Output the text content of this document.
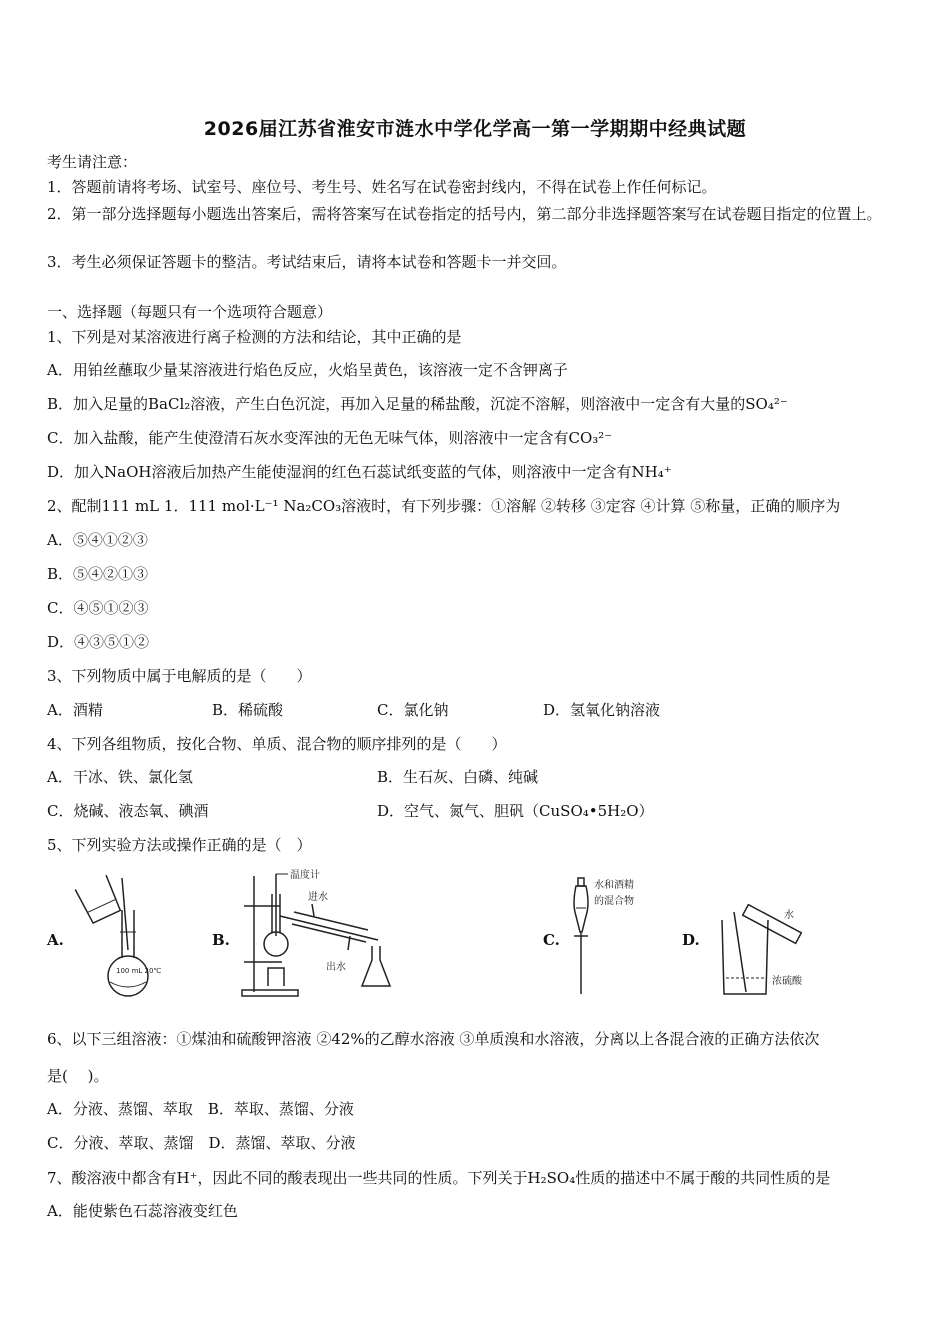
2026届江苏省淮安市涟水中学化学高一第一学期期中经典试题
考生请注意：
1．答题前请将考场、试室号、座位号、考生号、姓名写在试卷密封线内，不得在试卷上作任何标记。
2．第一部分选择题每小题选出答案后，需将答案写在试卷指定的括号内，第二部分非选择题答案写在试卷题目指定的位置上。
3．考生必须保证答题卡的整洁。考试结束后，请将本试卷和答题卡一并交回。
一、选择题（每题只有一个选项符合题意）
1、下列是对某溶液进行离子检测的方法和结论，其中正确的是
A．用铂丝蘸取少量某溶液进行焰色反应，火焰呈黄色，该溶液一定不含钾离子
B．加入足量的BaCl₂溶液，产生白色沉淀，再加入足量的稀盐酸，沉淀不溶解，则溶液中一定含有大量的SO₄²⁻
C．加入盐酸，能产生使澄清石灰水变浑浊的无色无味气体，则溶液中一定含有CO₃²⁻
D．加入NaOH溶液后加热产生能使湿润的红色石蕊试纸变蓝的气体，则溶液中一定含有NH₄⁺
2、配制111 mL 1．111 mol·L⁻¹ Na₂CO₃溶液时，有下列步骤：①溶解 ②转移 ③定容 ④计算 ⑤称量，正确的顺序为
A．⑤④①②③
B．⑤④②①③
C．④⑤①②③
D．④③⑤①②
3、下列物质中属于电解质的是（　　）
A．酒精	B．稀硫酸	C．氯化钠	D．氢氧化钠溶液
4、下列各组物质，按化合物、单质、混合物的顺序排列的是（　　）
A．干冰、铁、氯化氢	B．生石灰、白磷、纯碱
C．烧碱、液态氧、碘酒	D．空气、氮气、胆矾（CuSO₄•5H₂O）
5、下列实验方法或操作正确的是（　）
A.
100 mL 20℃
B.
温度计
进水
出水
C.
水和酒精
的混合物
D.
水
浓硫酸
6、以下三组溶液：①煤油和硫酸钾溶液 ②42%的乙醇水溶液 ③单质溴和水溶液，分离以上各混合液的正确方法依次
是(　 )。
A．分液、蒸馏、萃取　B．萃取、蒸馏、分液
C．分液、萃取、蒸馏　D．蒸馏、萃取、分液
7、酸溶液中都含有H⁺，因此不同的酸表现出一些共同的性质。下列关于H₂SO₄性质的描述中不属于酸的共同性质的是
A．能使紫色石蕊溶液变红色
